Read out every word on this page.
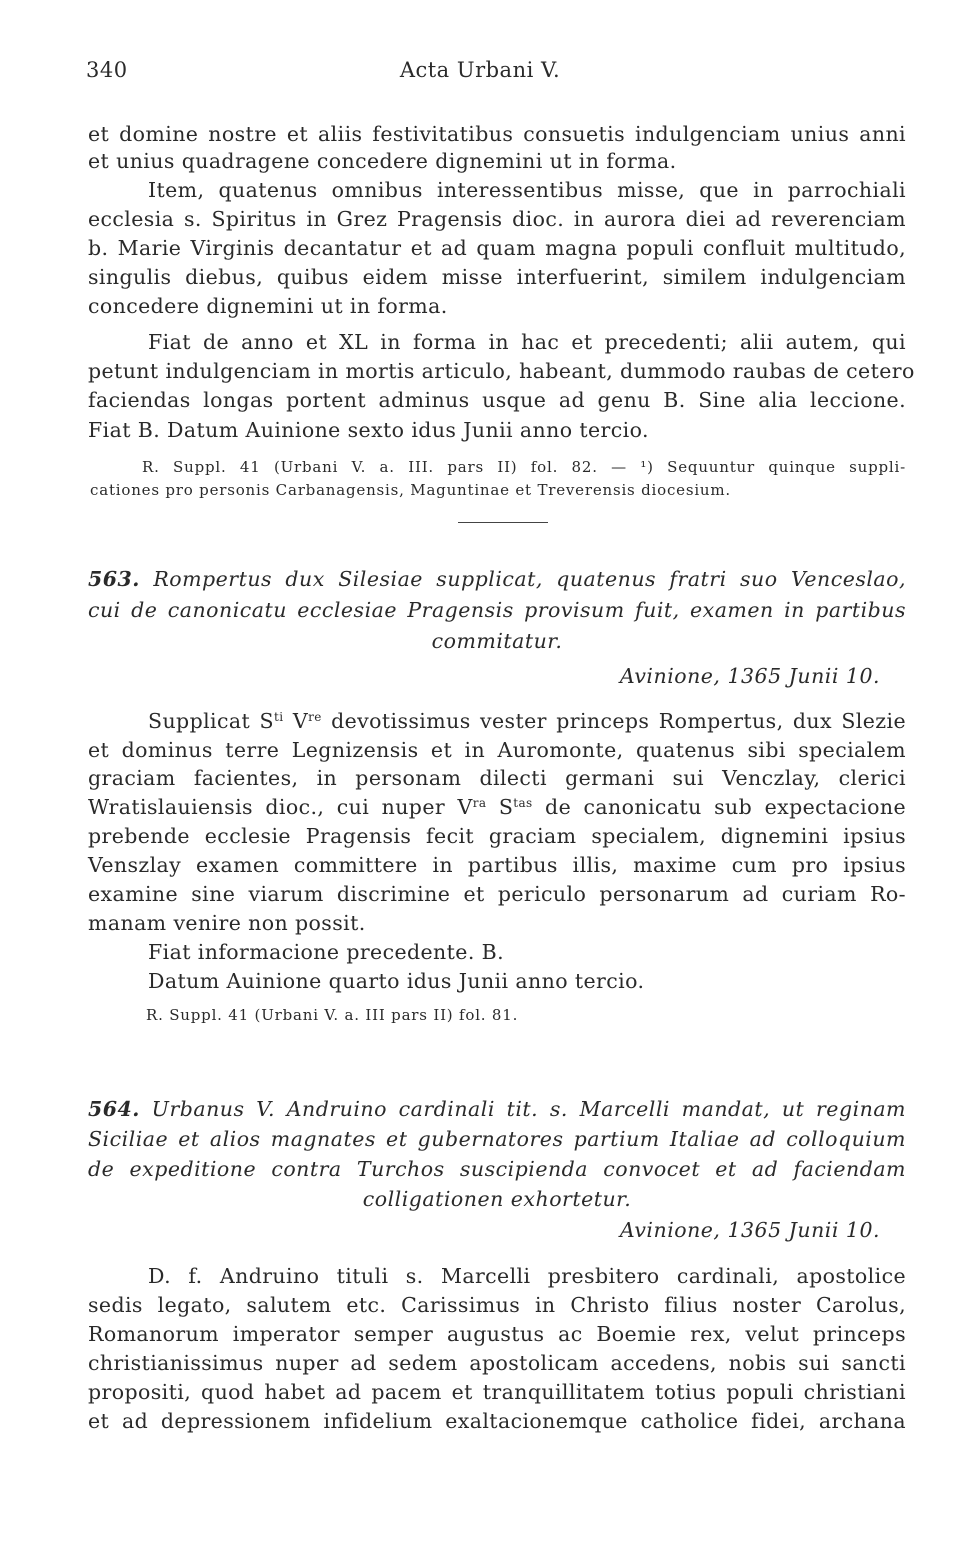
340	Acta Urbani V.
et domine nostre et aliis festivitatibus consuetis indulgenciam unius anni
et unius quadragene concedere dignemini ut in forma.
Item, quatenus omnibus interessentibus misse, que in parrochiali
ecclesia s. Spiritus in Grez Pragensis dioc. in aurora diei ad reverenciam
b. Marie Virginis decantatur et ad quam magna populi confluit multitudo,
singulis diebus, quibus eidem misse interfuerint, similem indulgenciam
concedere dignemini ut in forma.
Fiat de anno et XL in forma in hac et precedenti; alii autem, qui
petunt indulgenciam in mortis articulo, habeant, dummodo raubas de cetero
faciendas longas portent adminus usque ad genu B. Sine alia leccione.
Fiat B. Datum Auinione sexto idus Junii anno tercio.
R. Suppl. 41 (Urbani V. a. III. pars II) fol. 82. — ¹) Sequuntur quinque suppli-
cationes pro personis Carbanagensis, Maguntinae et Treverensis diocesium.
563. Rompertus dux Silesiae supplicat, quatenus fratri suo Venceslao,
cui de canonicatu ecclesiae Pragensis provisum fuit, examen in partibus
commitatur.
Avinione, 1365 Junii 10.
Supplicat $S^{ti}$ Vre devotissimus vester princeps Rompertus, dux Slezie
et dominus terre Legnizensis et in Auromonte, quatenus sibi specialem
graciam facientes, in personam dilecti germani sui Venczlay, clerici
Wratislauiensis dioc., cui nuper $V^{ra}$ $S^{tas}$ de canonicatu sub expectacione
prebende ecclesie Pragensis fecit graciam specialem, dignemini ipsius
Venszlay examen committere in partibus illis, maxime cum pro ipsius
examine sine viarum discrimine et periculo personarum ad curiam Ro-
manam venire non possit.
Fiat informacione precedente. B.
Datum Auinione quarto idus Junii anno tercio.
R. Suppl. 41 (Urbani V. a. III pars II) fol. 81.
564. Urbanus V. Andruino cardinali tit. s. Marcelli mandat, ut reginam
Siciliae et alios magnates et gubernatores partium Italiae ad colloquium
de expeditione contra Turchos suscipienda convocet et ad faciendam
colligationen exhortetur.
Avinione, 1365 Junii 10.
D. f. Andruino tituli s. Marcelli presbitero cardinali, apostolice
sedis legato, salutem etc. Carissimus in Christo filius noster Carolus,
Romanorum imperator semper augustus ac Boemie rex, velut princeps
christianissimus nuper ad sedem apostolicam accedens, nobis sui sancti
propositi, quod habet ad pacem et tranquillitatem totius populi christiani
et ad depressionem infidelium exaltacionemque catholice fidei, archana
